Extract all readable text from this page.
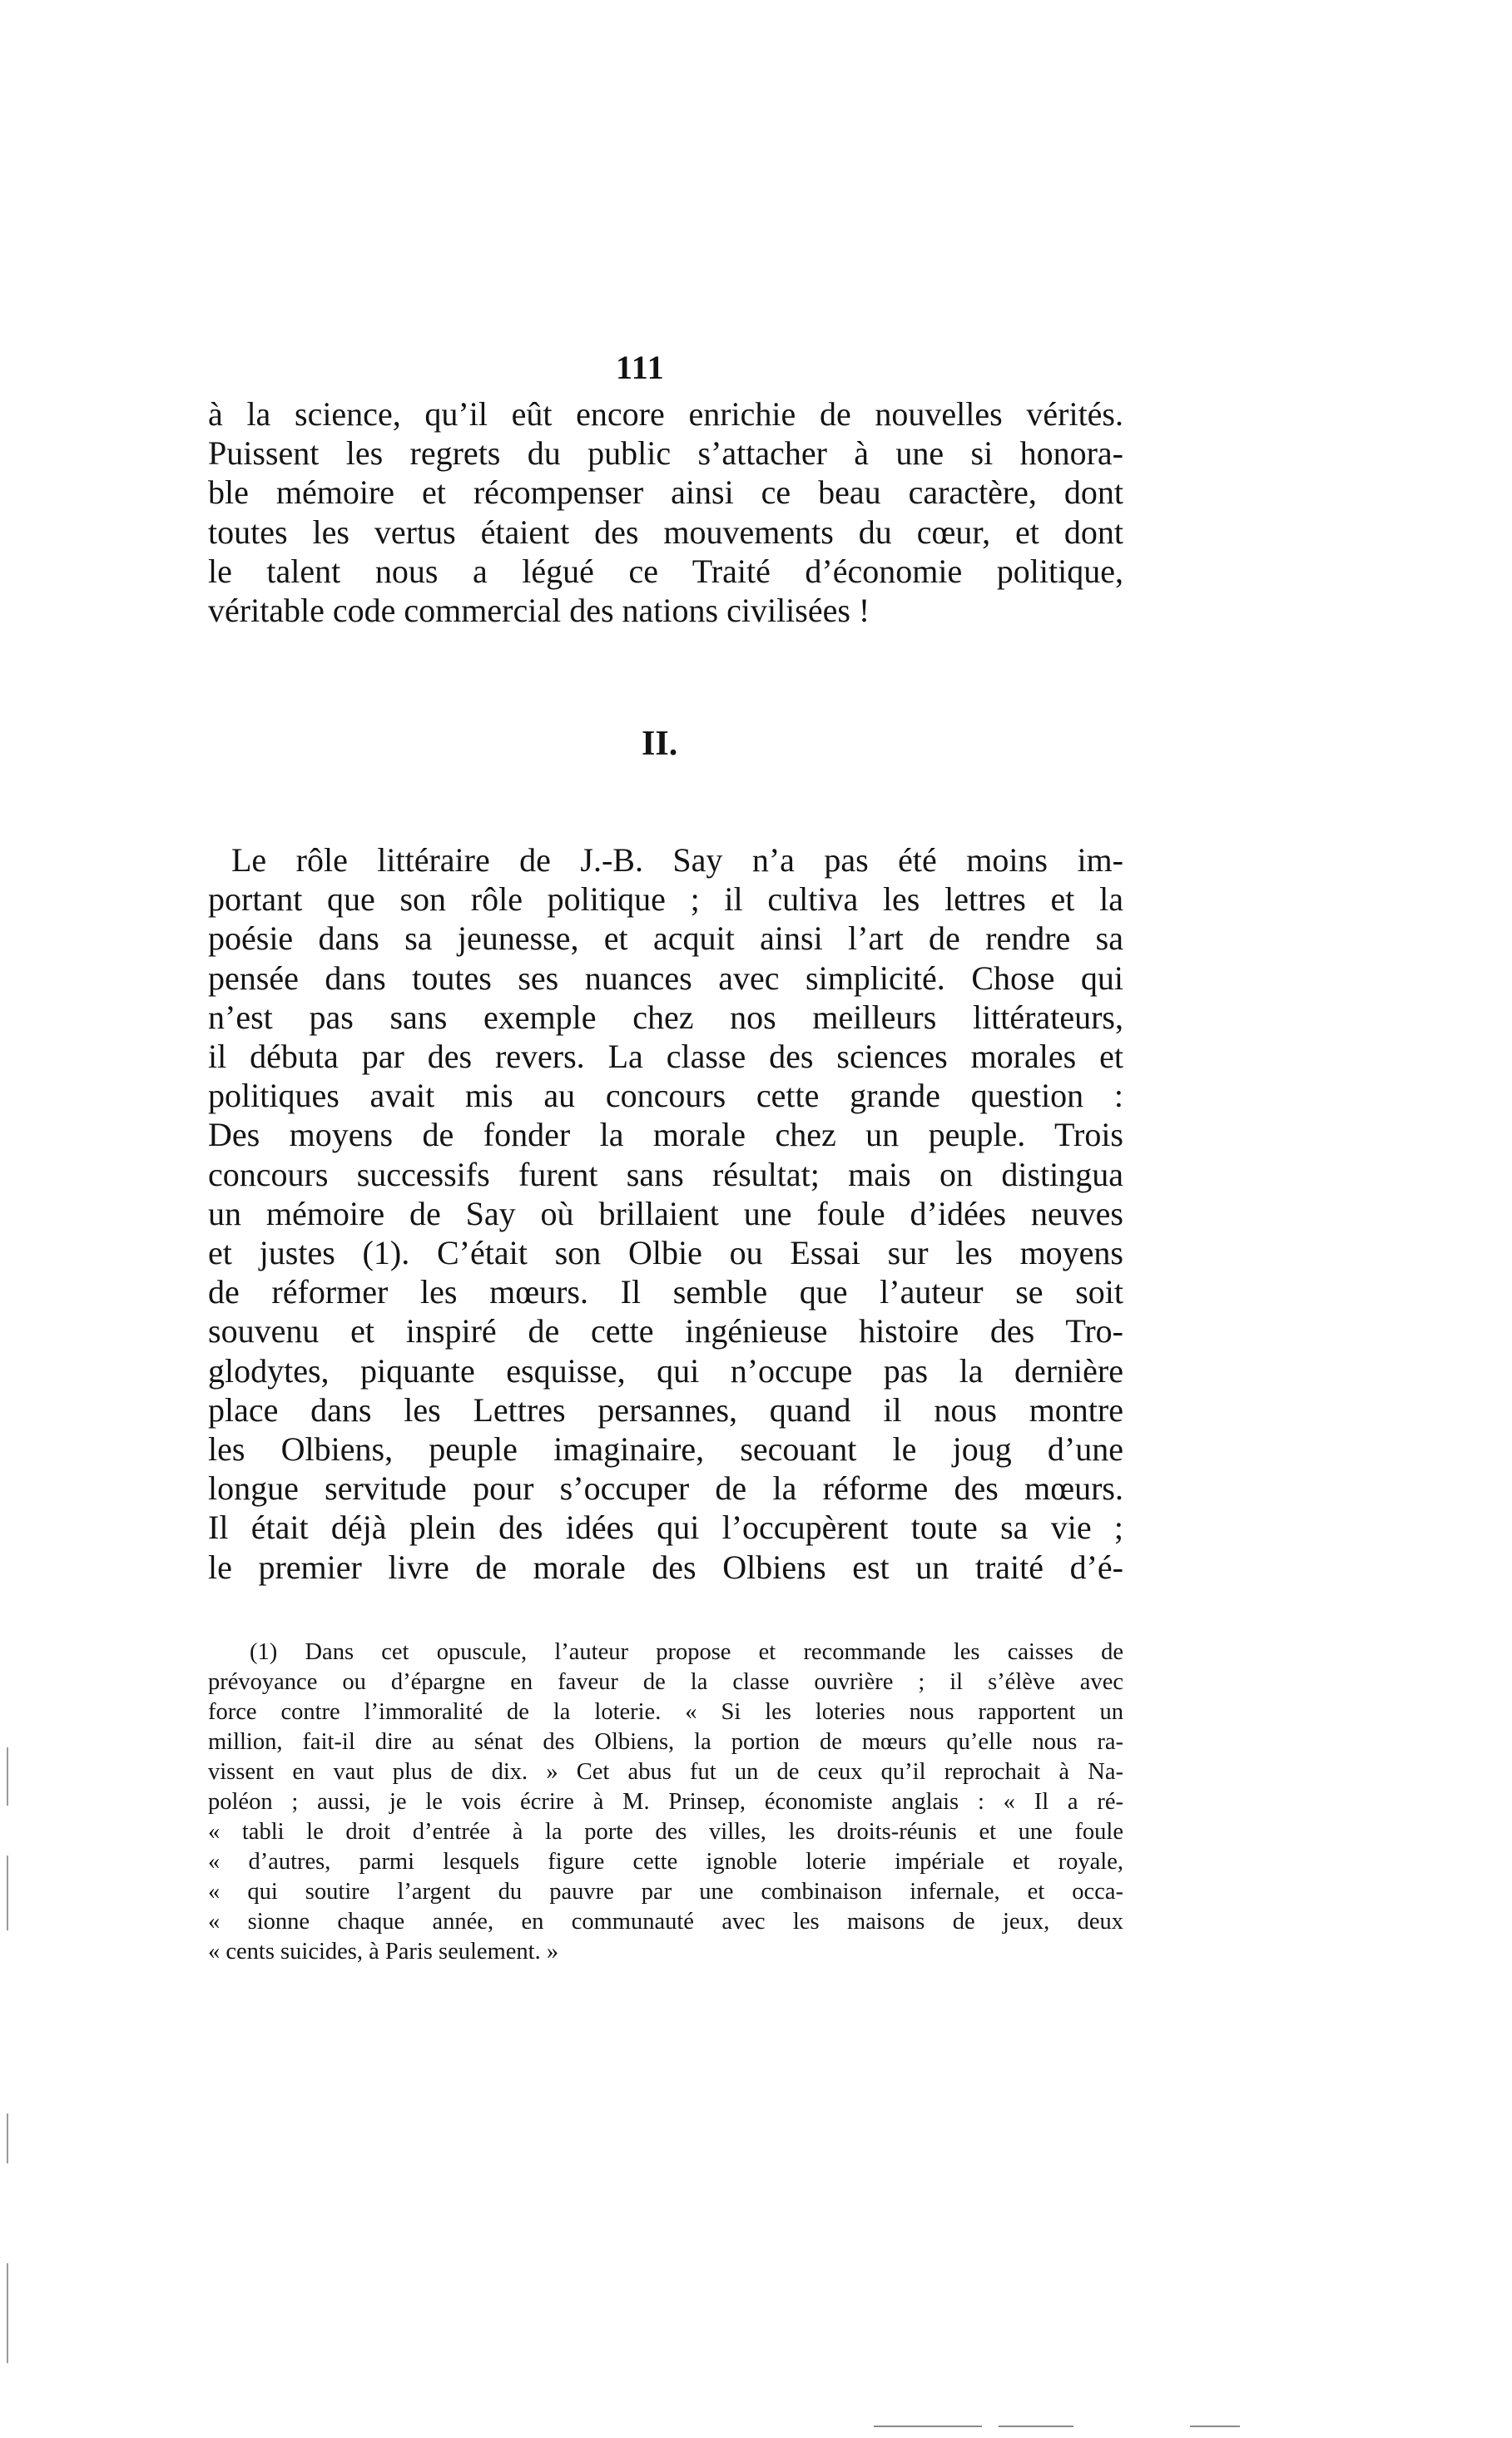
111
à la science, qu’il eût encore enrichie de nouvelles vérités.
Puissent les regrets du public s’attacher à une si honora-
ble mémoire et récompenser ainsi ce beau caractère, dont
toutes les vertus étaient des mouvements du cœur, et dont
le talent nous a légué ce Traité d’économie politique,
véritable code commercial des nations civilisées !
II.
Le rôle littéraire de J.-B. Say n’a pas été moins im-
portant que son rôle politique ; il cultiva les lettres et la
poésie dans sa jeunesse, et acquit ainsi l’art de rendre sa
pensée dans toutes ses nuances avec simplicité. Chose qui
n’est pas sans exemple chez nos meilleurs littérateurs,
il débuta par des revers. La classe des sciences morales et
politiques avait mis au concours cette grande question :
Des moyens de fonder la morale chez un peuple. Trois
concours successifs furent sans résultat; mais on distingua
un mémoire de Say où brillaient une foule d’idées neuves
et justes (1). C’était son Olbie ou Essai sur les moyens
de réformer les mœurs. Il semble que l’auteur se soit
souvenu et inspiré de cette ingénieuse histoire des Tro-
glodytes, piquante esquisse, qui n’occupe pas la dernière
place dans les Lettres persannes, quand il nous montre
les Olbiens, peuple imaginaire, secouant le joug d’une
longue servitude pour s’occuper de la réforme des mœurs.
Il était déjà plein des idées qui l’occupèrent toute sa vie ;
le premier livre de morale des Olbiens est un traité d’é-
(1) Dans cet opuscule, l’auteur propose et recommande les caisses de
prévoyance ou d’épargne en faveur de la classe ouvrière ; il s’élève avec
force contre l’immoralité de la loterie. « Si les loteries nous rapportent un
million, fait-il dire au sénat des Olbiens, la portion de mœurs qu’elle nous ra-
vissent en vaut plus de dix. » Cet abus fut un de ceux qu’il reprochait à Na-
poléon ; aussi, je le vois écrire à M. Prinsep, économiste anglais : « Il a ré-
« tabli le droit d’entrée à la porte des villes, les droits-réunis et une foule
« d’autres, parmi lesquels figure cette ignoble loterie impériale et royale,
« qui soutire l’argent du pauvre par une combinaison infernale, et occa-
« sionne chaque année, en communauté avec les maisons de jeux, deux
« cents suicides, à Paris seulement. »
